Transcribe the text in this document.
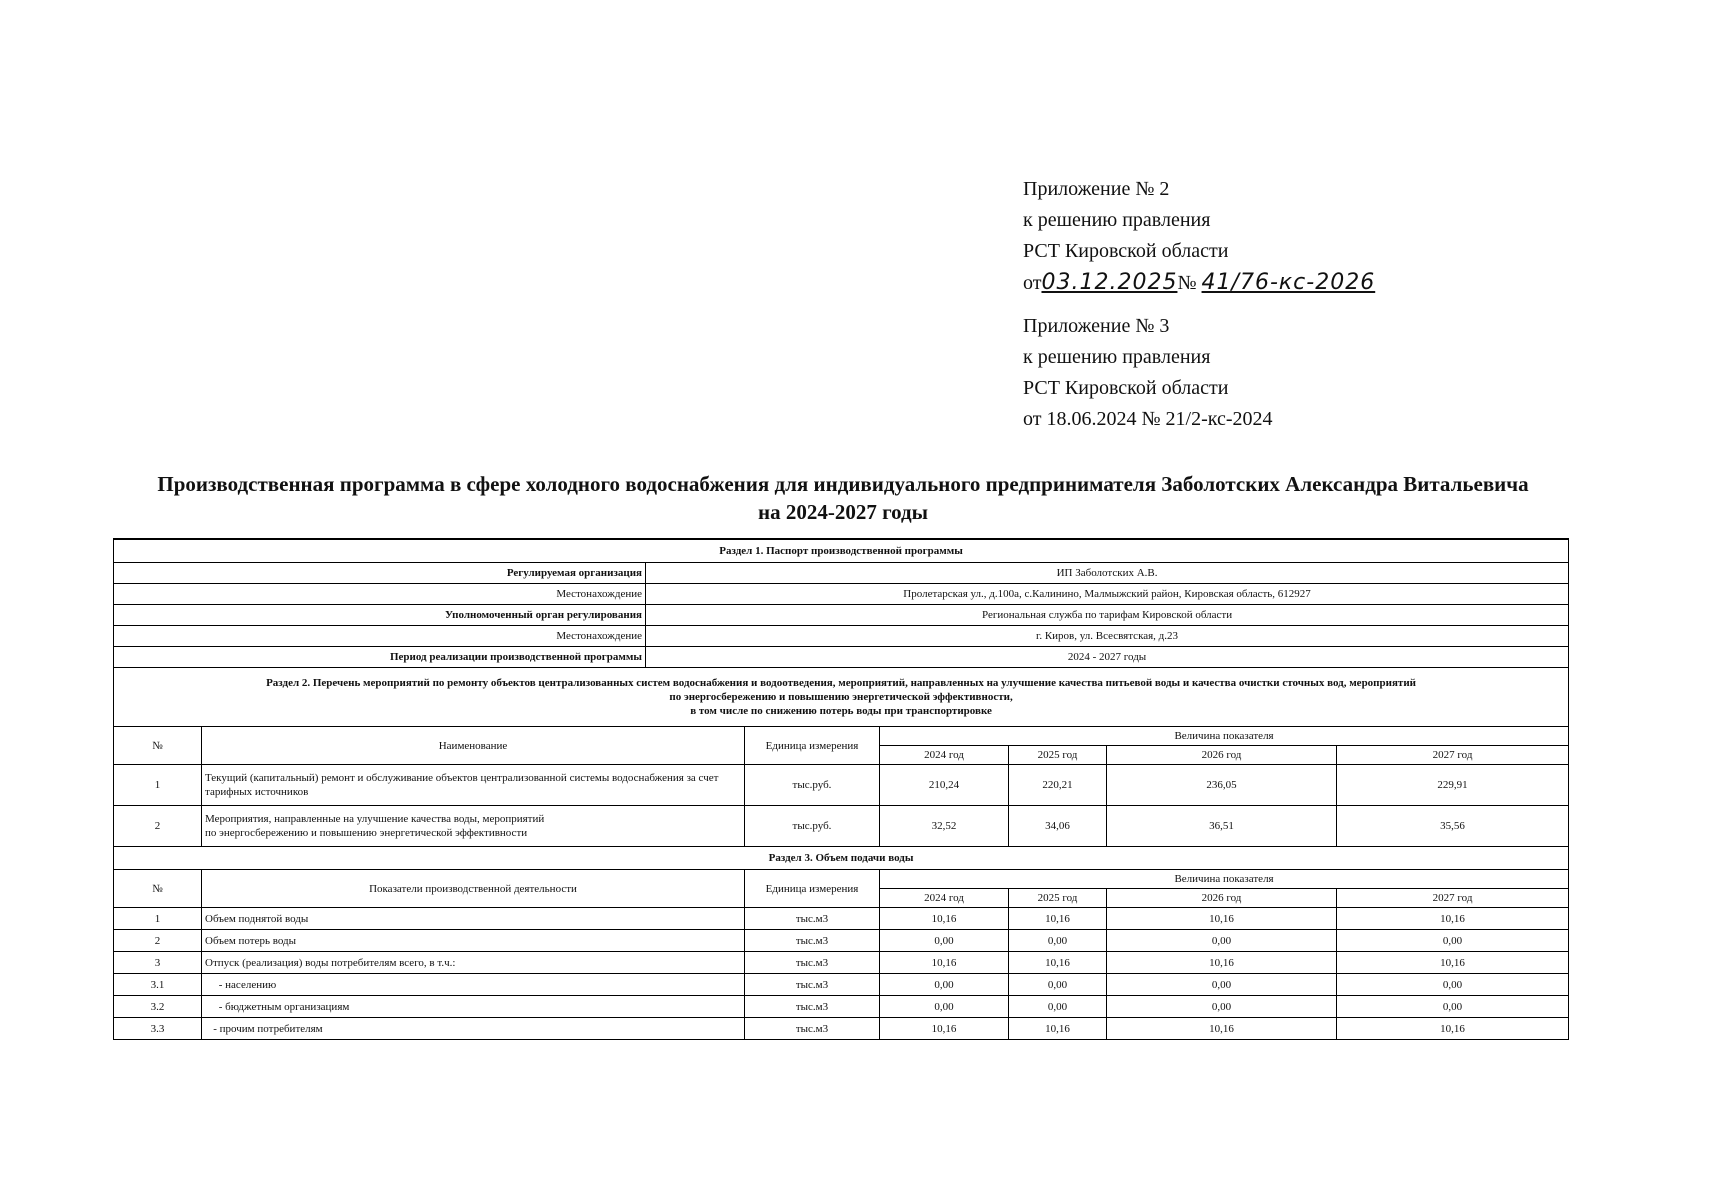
Приложение № 2
к решению правления
РСТ Кировской области
от03.12.2025№ 41/76-кс-2026
Приложение № 3
к решению правления
РСТ Кировской области
от 18.06.2024 № 21/2-кс-2024
Производственная программа в сфере холодного водоснабжения для индивидуального предпринимателя Заболотских Александра Витальевича
на 2024-2027 годы
Раздел 1. Паспорт производственной программы							
Регулируемая организация		ИП Заболотских А.В.					
Местонахождение		Пролетарская ул., д.100а, с.Калинино, Малмыжский район, Кировская область, 612927					
Уполномоченный орган регулирования		Региональная служба по тарифам Кировской области					
Местонахождение		г. Киров, ул. Всесвятская, д.23					
Период реализации производственной программы		2024 - 2027 годы					

Раздел 2. Перечень мероприятий по ремонту объектов централизованных систем водоснабжения и водоотведения, мероприятий, направленных на улучшение качества питьевой воды и качества очистки сточных вод, мероприятий
по энергосбережению и повышению энергетической эффективности,
в том числе по снижению потерь воды при транспортировке							

№	Наименование		Единица измерения	Величина показателя			
				2024 год	2025 год	2026 год	2027 год
1	Текущий (капитальный) ремонт и обслуживание объектов централизованной системы водоснабжения за счет
тарифных источников		тыс.руб.	210,24	220,21	236,05	229,91
2	Мероприятия, направленные на улучшение качества воды, мероприятий
по энергосбережению и повышению энергетической эффективности		тыс.руб.	32,52	34,06	36,51	35,56
Раздел 3. Объем подачи воды							
№	Показатели производственной деятельности		Единица измерения	Величина показателя			
				2024 год	2025 год	2026 год	2027 год
1	Объем поднятой воды		тыс.м3	10,16	10,16	10,16	10,16
2	Объем потерь воды		тыс.м3	0,00	0,00	0,00	0,00
3	Отпуск (реализация) воды потребителям всего, в т.ч.:		тыс.м3	10,16	10,16	10,16	10,16
3.1	- населению		тыс.м3	0,00	0,00	0,00	0,00
3.2	- бюджетным организациям		тыс.м3	0,00	0,00	0,00	0,00
3.3	- прочим потребителям		тыс.м3	10,16	10,16	10,16	10,16
